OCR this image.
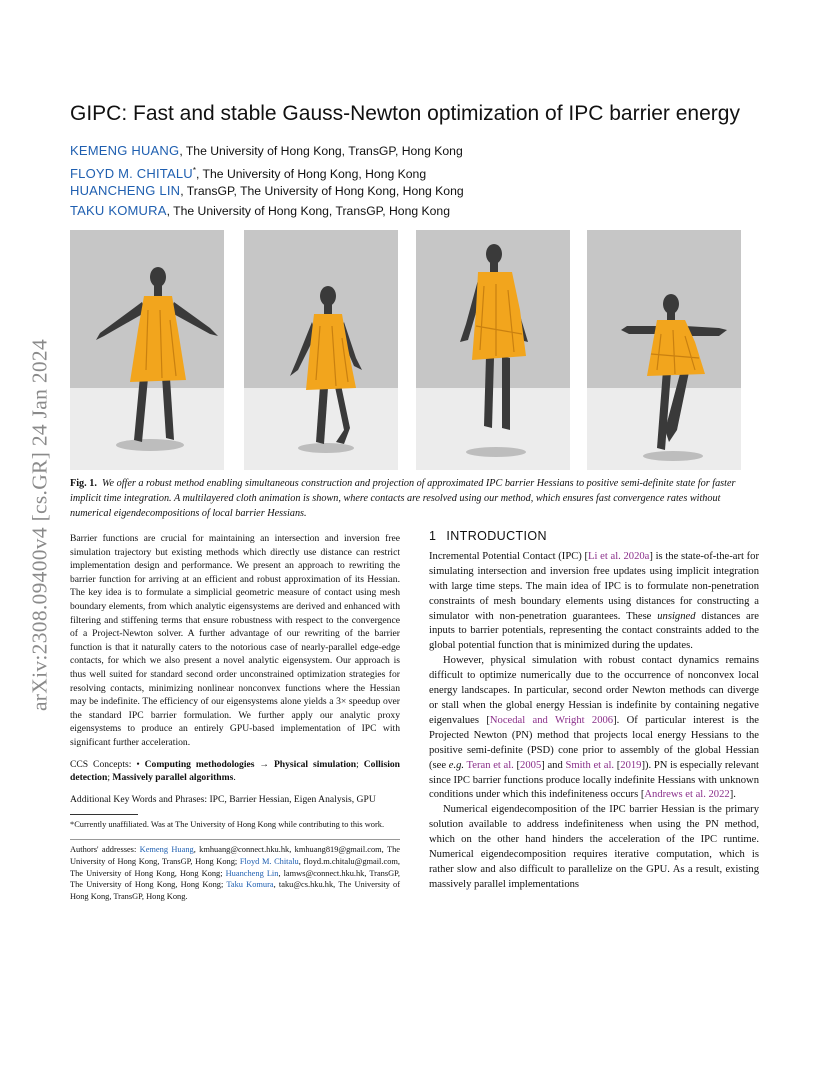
arXiv:2308.09400v4 [cs.GR] 24 Jan 2024
GIPC: Fast and stable Gauss-Newton optimization of IPC barrier energy
KEMENG HUANG, The University of Hong Kong, TransGP, Hong Kong
FLOYD M. CHITALU*, The University of Hong Kong, Hong Kong
HUANCHENG LIN, TransGP, The University of Hong Kong, Hong Kong
TAKU KOMURA, The University of Hong Kong, TransGP, Hong Kong
Fig. 1. We offer a robust method enabling simultaneous construction and projection of approximated IPC barrier Hessians to positive semi-definite state for faster implicit time integration. A multilayered cloth animation is shown, where contacts are resolved using our method, which ensures fast convergence rates without numerical eigendecompositions of local barrier Hessians.

Barrier functions are crucial for maintaining an intersection and inversion free simulation trajectory but existing methods which directly use distance can restrict implementation design and performance. We present an approach to rewriting the barrier function for arriving at an efficient and robust approximation of its Hessian. The key idea is to formulate a simplicial geometric measure of contact using mesh boundary elements, from which analytic eigensystems are derived and enhanced with filtering and stiffening terms that ensure robustness with respect to the convergence of a Project-Newton solver. A further advantage of our rewriting of the barrier function is that it naturally caters to the notorious case of nearly-parallel edge-edge contacts, for which we also present a novel analytic eigensystem. Our approach is thus well suited for standard second order unconstrained optimization strategies for resolving contacts, minimizing nonlinear nonconvex functions where the Hessian may be indefinite. The efficiency of our eigensystems alone yields a 3× speedup over the standard IPC barrier formulation. We further apply our analytic proxy eigensystems to produce an entirely GPU-based implementation of IPC with significant further acceleration.

CCS Concepts: • Computing methodologies → Physical simulation; Collision detection; Massively parallel algorithms.

Additional Key Words and Phrases: IPC, Barrier Hessian, Eigen Analysis, GPU

*Currently unaffiliated. Was at The University of Hong Kong while contributing to this work.

Authors' addresses: Kemeng Huang, kmhuang@connect.hku.hk, kmhuang819@gmail.com, The University of Hong Kong, TransGP, Hong Kong; Floyd M. Chitalu, floyd.m.chitalu@gmail.com, The University of Hong Kong, Hong Kong; Huancheng Lin, lamws@connect.hku.hk, TransGP, The University of Hong Kong, Hong Kong; Taku Komura, taku@cs.hku.hk, The University of Hong Kong, TransGP, Hong Kong.

1 INTRODUCTION

Incremental Potential Contact (IPC) [Li et al. 2020a] is the state-of-the-art for simulating intersection and inversion free updates using implicit integration with large time steps. The main idea of IPC is to formulate non-penetration constraints of mesh boundary elements using distances for constructing a simulator with non-penetration guarantees. These unsigned distances are inputs to barrier potentials, representing the contact constraints added to the global potential function that is minimized during the updates.

However, physical simulation with robust contact dynamics remains difficult to optimize numerically due to the occurrence of nonconvex local energy landscapes. In particular, second order Newton methods can diverge or stall when the global energy Hessian is indefinite by containing negative eigenvalues [Nocedal and Wright 2006]. Of particular interest is the Projected Newton (PN) method that projects local energy Hessians to the positive semi-definite (PSD) cone prior to assembly of the global Hessian (see e.g. Teran et al. [2005] and Smith et al. [2019]). PN is especially relevant since IPC barrier functions produce locally indefinite Hessians with unknown conditions under which this indefiniteness occurs [Andrews et al. 2022].

Numerical eigendecomposition of the IPC barrier Hessian is the primary solution available to address indefiniteness when using the PN method, which on the other hand hinders the acceleration of the IPC runtime. Numerical eigendecomposition requires iterative computation, which is rather slow and also difficult to parallelize on the GPU. As a result, existing massively parallel implementations
